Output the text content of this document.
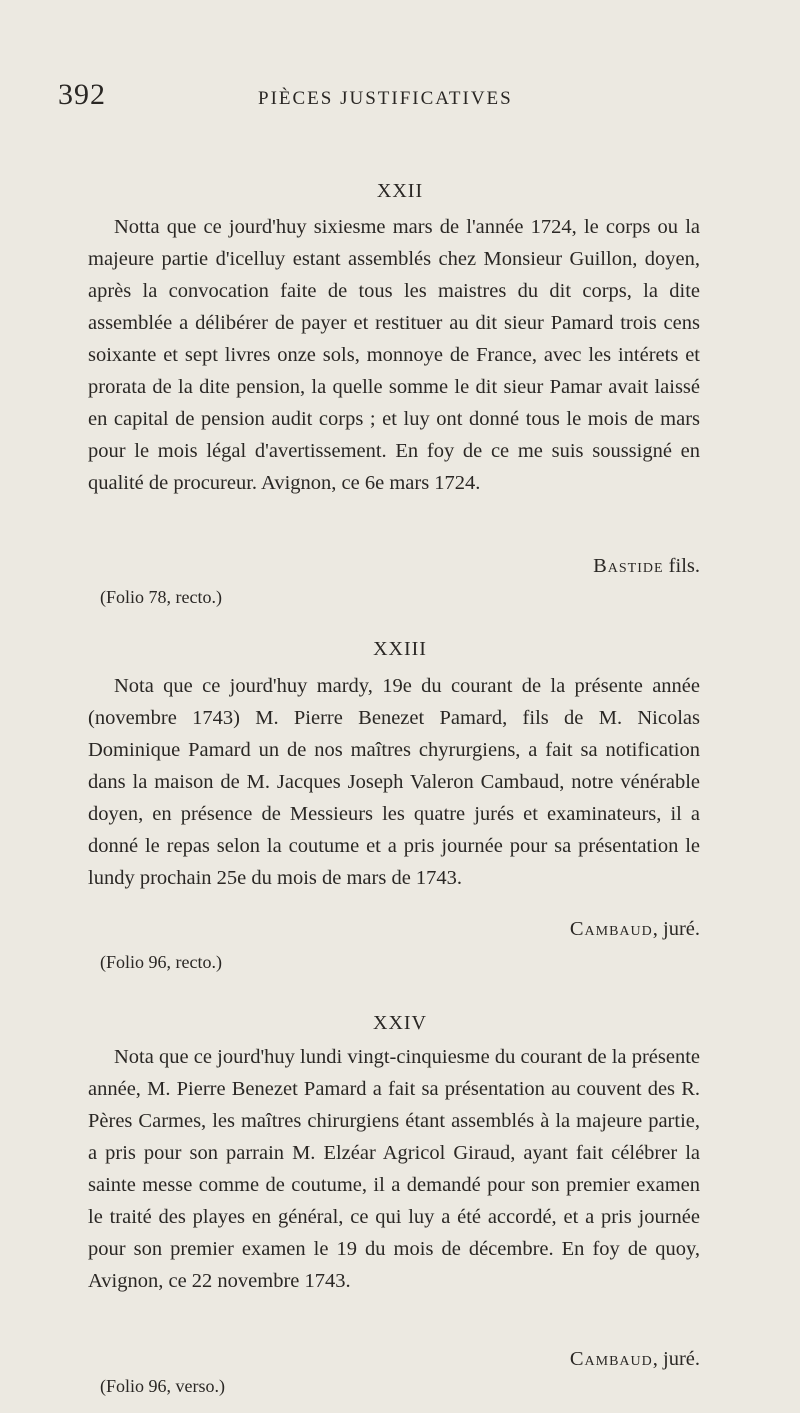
392	PIÈCES JUSTIFICATIVES
XXII

Notta que ce jourd'huy sixiesme mars de l'année 1724, le corps ou la majeure partie d'icelluy estant assemblés chez Monsieur Guillon, doyen, après la convocation faite de tous les maistres du dit corps, la dite assemblée a délibérer de payer et restituer au dit sieur Pamard trois cens soixante et sept livres onze sols, monnoye de France, avec les intérets et prorata de la dite pension, la quelle somme le dit sieur Pamar avait laissé en capital de pension audit corps ; et luy ont donné tous le mois de mars pour le mois légal d'avertissement. En foy de ce me suis soussigné en qualité de procureur. Avignon, ce 6e mars 1724.

Bastide fils.
(Folio 78, recto.)
XXIII

Nota que ce jourd'huy mardy, 19e du courant de la présente année (novembre 1743) M. Pierre Benezet Pamard, fils de M. Nicolas Dominique Pamard un de nos maîtres chyrurgiens, a fait sa notification dans la maison de M. Jacques Joseph Valeron Cambaud, notre vénérable doyen, en présence de Messieurs les quatre jurés et examinateurs, il a donné le repas selon la coutume et a pris journée pour sa présentation le lundy prochain 25e du mois de mars de 1743.

Cambaud, juré.
(Folio 96, recto.)
XXIV

Nota que ce jourd'huy lundi vingt-cinquiesme du courant de la présente année, M. Pierre Benezet Pamard a fait sa présentation au couvent des R. Pères Carmes, les maîtres chirurgiens étant assemblés à la majeure partie, a pris pour son parrain M. Elzéar Agricol Giraud, ayant fait célébrer la sainte messe comme de coutume, il a demandé pour son premier examen le traité des playes en général, ce qui luy a été accordé, et a pris journée pour son premier examen le 19 du mois de décembre. En foy de quoy, Avignon, ce 22 novembre 1743.

Cambaud, juré.
(Folio 96, verso.)
